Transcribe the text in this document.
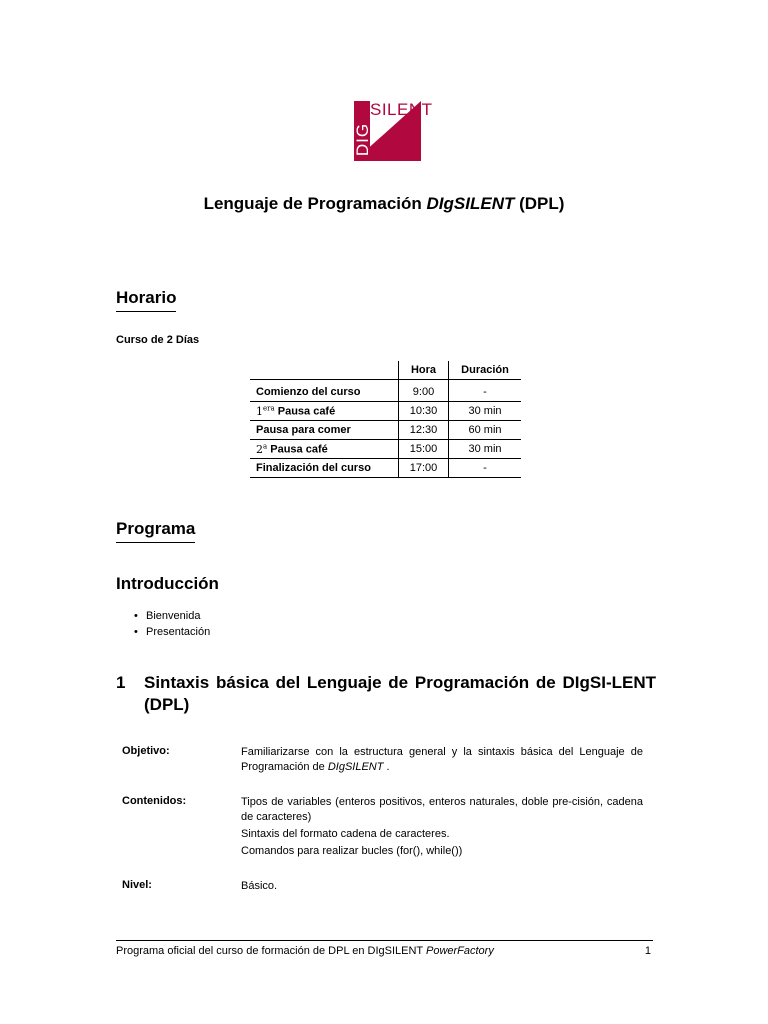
SILENT
DIG
Lenguaje de Programación DIgSILENT (DPL)
Horario
Curso de 2 Días
	Hora	Duración

Comienzo del curso	9:00	-
$1^{era}$ Pausa café	10:30	30 min
Pausa para comer	12:30	60 min
2$^a$ Pausa café	15:00	30 min
Finalización del curso	17:00	-
Programa
Introducción
• Bienvenida
• Presentación
1 Sintaxis básica del Lenguaje de Programación de DIgSI-LENT (DPL)
Objetivo:	Familiarizarse con la estructura general y la sintaxis básica del Lenguaje de Programación de DIgSILENT .
Contenidos:	Tipos de variables (enteros positivos, enteros naturales, doble pre-cisión, cadena de caracteres)

Sintaxis del formato cadena de caracteres.

Comandos para realizar bucles (for(), while())

Nivel:	Básico.
Programa oficial del curso de formación de DPL en DIgSILENT PowerFactory	1
